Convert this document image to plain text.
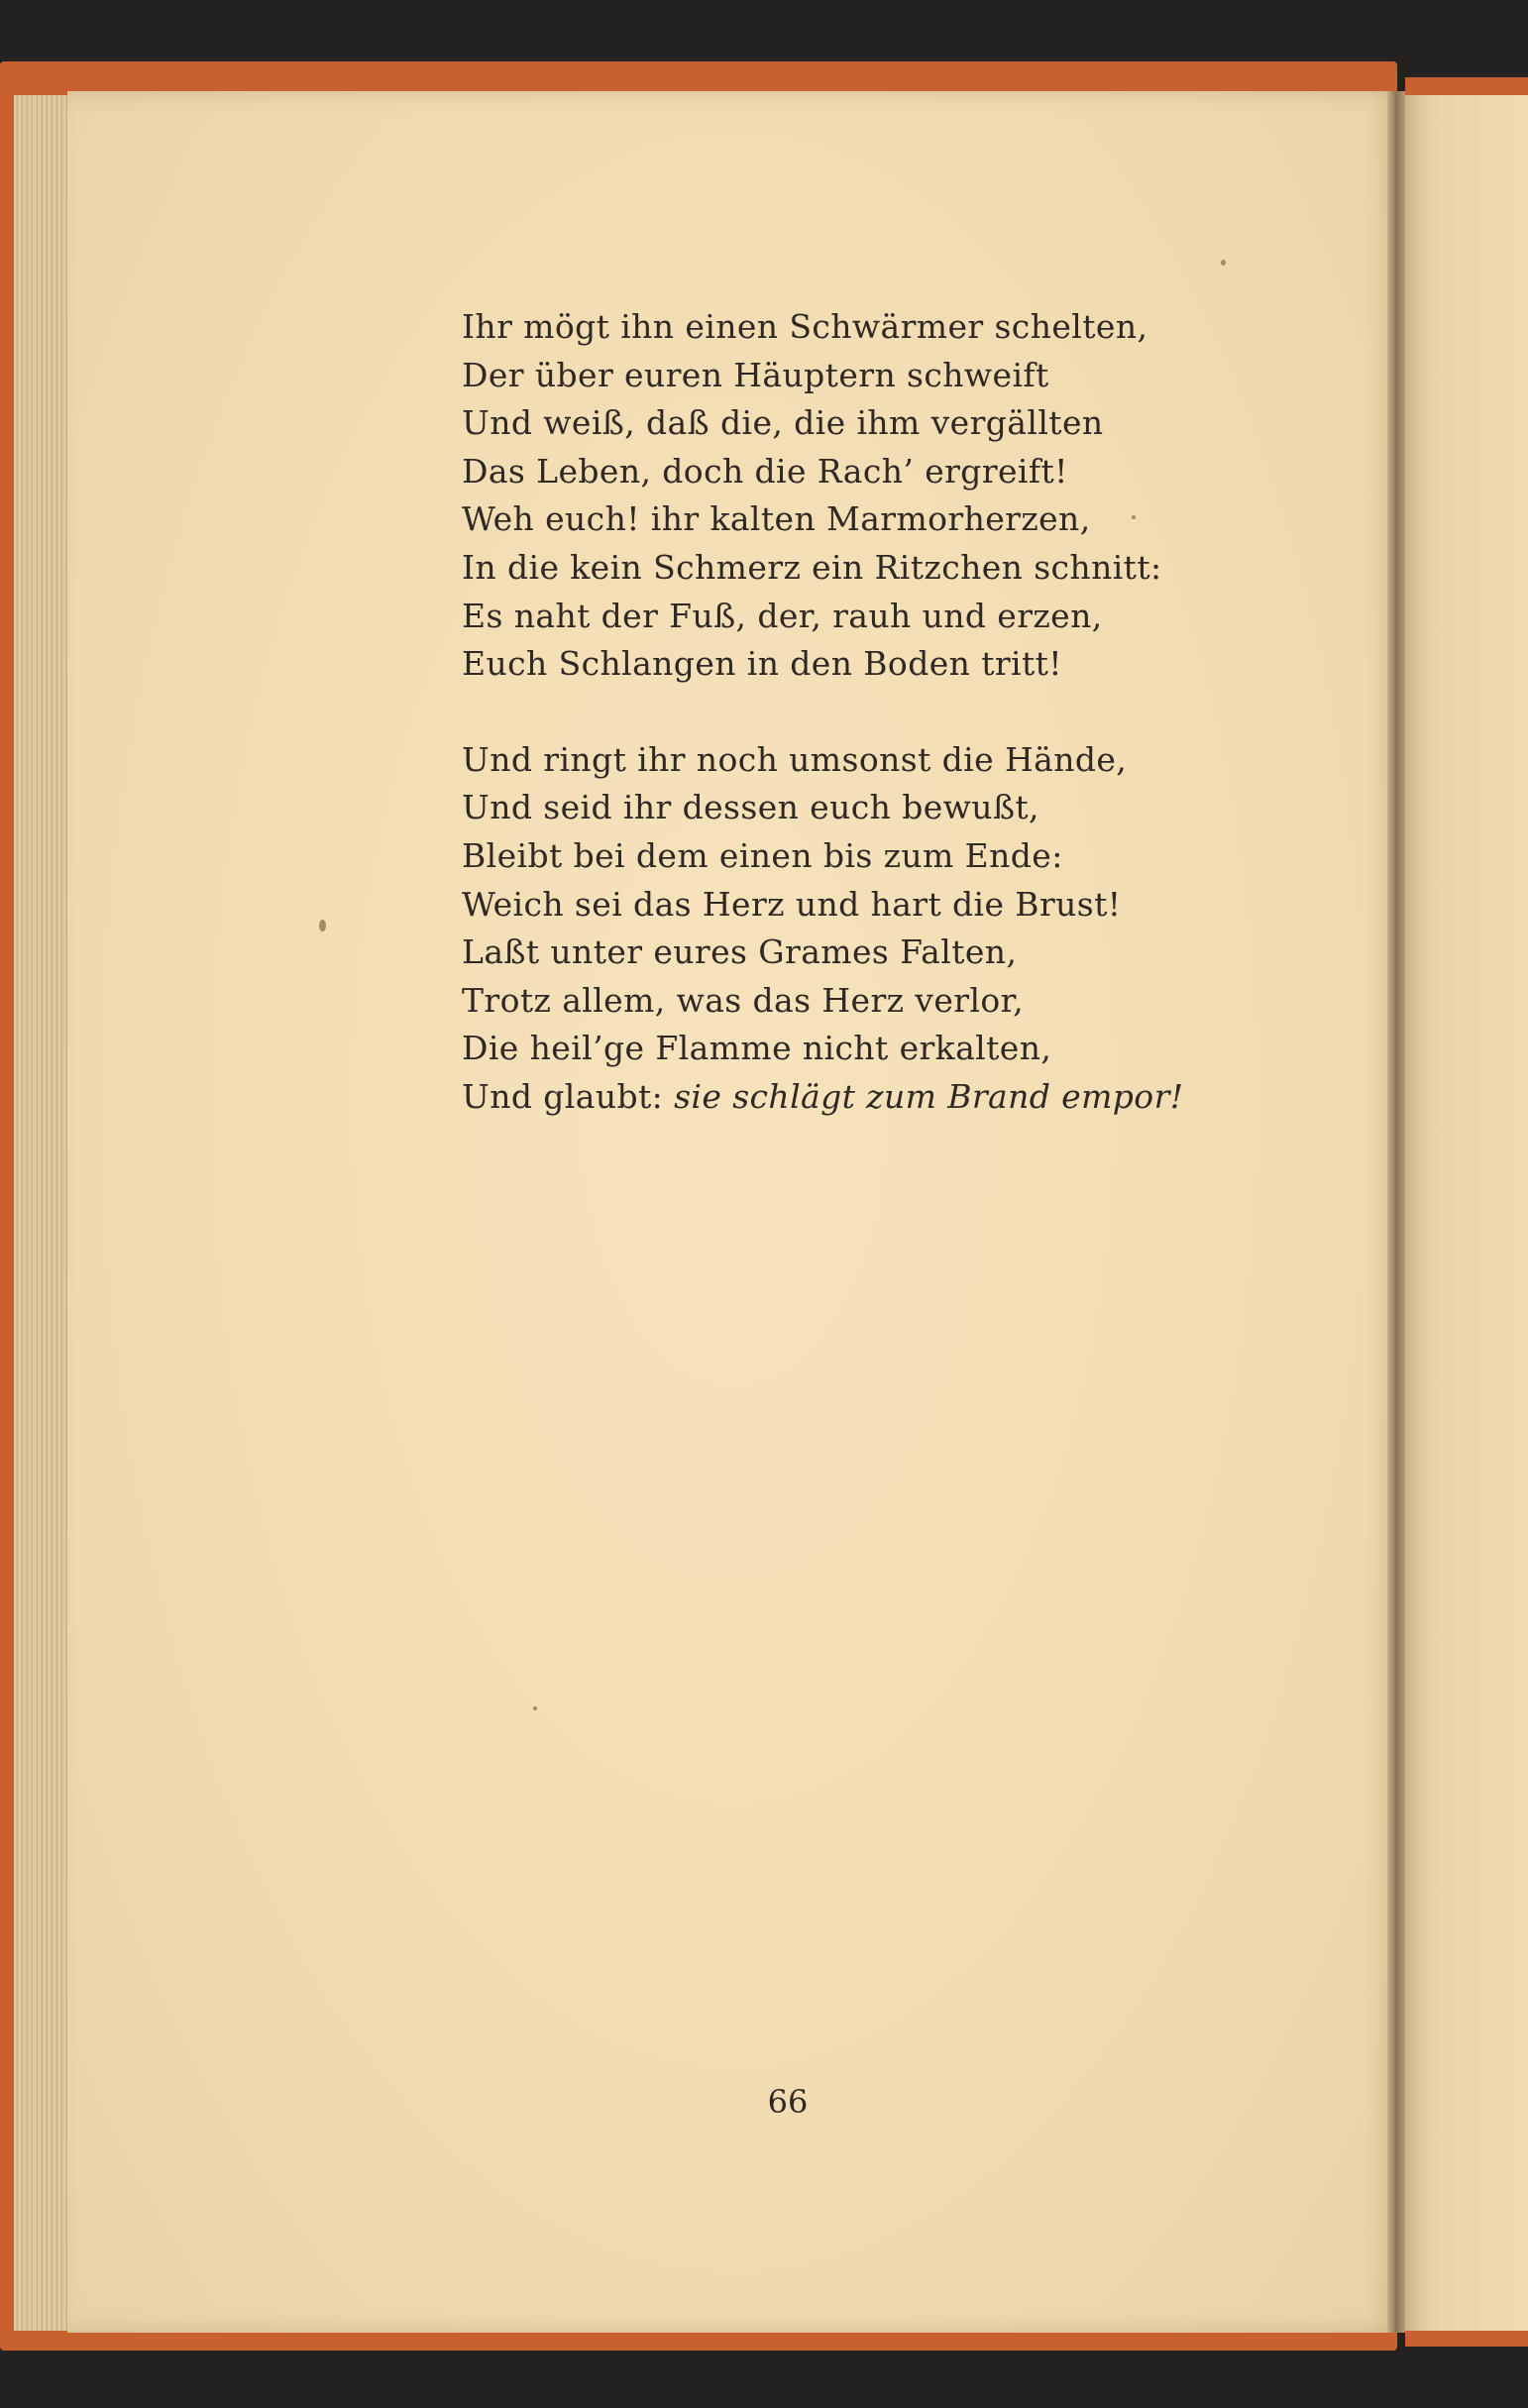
Ihr mögt ihn einen Schwärmer schelten,
Der über euren Häuptern schweift
Und weiß, daß die, die ihm vergällten
Das Leben, doch die Rach’ ergreift!
Weh euch! ihr kalten Marmorherzen,
In die kein Schmerz ein Ritzchen schnitt:
Es naht der Fuß, der, rauh und erzen,
Euch Schlangen in den Boden tritt!
Und ringt ihr noch umsonst die Hände,
Und seid ihr dessen euch bewußt,
Bleibt bei dem einen bis zum Ende:
Weich sei das Herz und hart die Brust!
Laßt unter eures Grames Falten,
Trotz allem, was das Herz verlor,
Die heil’ge Flamme nicht erkalten,
Und glaubt: sie schlägt zum Brand empor!
66
